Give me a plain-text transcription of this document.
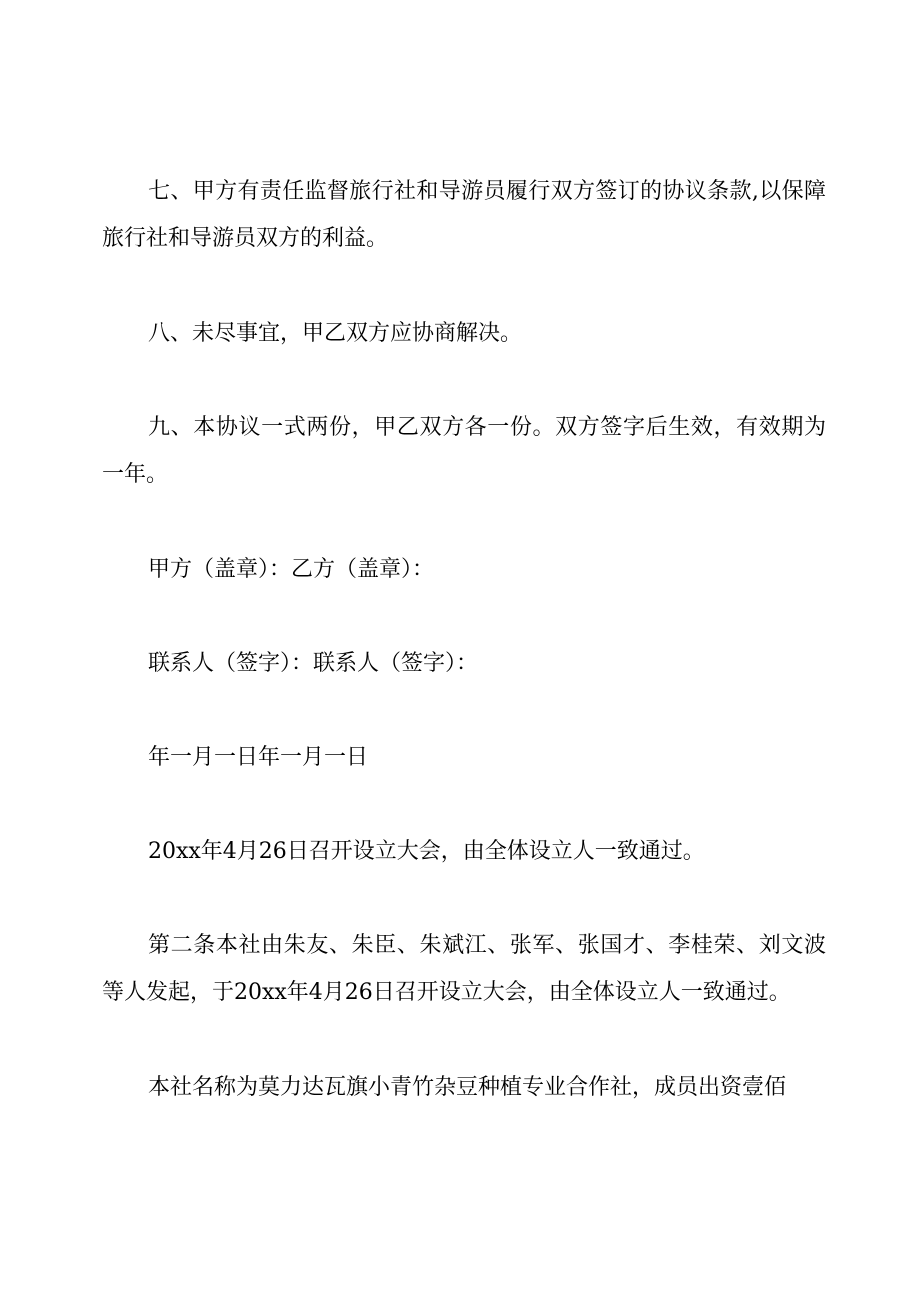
七、甲方有责任监督旅行社和导游员履行双方签订的协议条款,以保障旅行社和导游员双方的利益。

八、未尽事宜，甲乙双方应协商解决。

九、本协议一式两份，甲乙双方各一份。双方签字后生效，有效期为一年。

甲方（盖章）：乙方（盖章）：

联系人（签字）：联系人（签字）：

年一月一日年一月一日

20xx年4月26日召开设立大会，由全体设立人一致通过。

第二条本社由朱友、朱臣、朱斌江、张军、张国才、李桂荣、刘文波等人发起，于20xx年4月26日召开设立大会，由全体设立人一致通过。

本社名称为莫力达瓦旗小青竹杂豆种植专业合作社，成员出资壹佰
